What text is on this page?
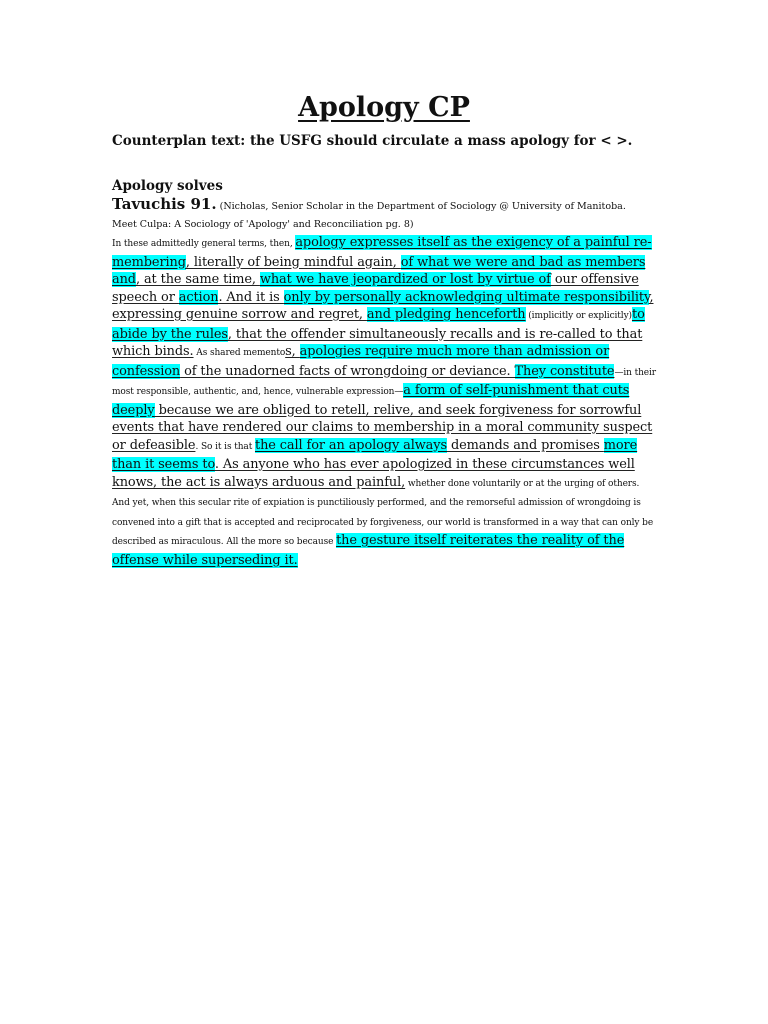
Apology CP
Counterplan text: the USFG should circulate a mass apology for < >.
Apology solves
Tavuchis 91. (Nicholas, Senior Scholar in the Department of Sociology @ University of Manitoba. Meet Culpa: A Sociology of 'Apology' and Reconciliation pg. 8)
In these admittedly general terms, then, apology expresses itself as the exigency of a painful re-membering, literally of being mindful again, of what we were and bad as members and, at the same time, what we have jeopardized or lost by virtue of our offensive speech or action. And it is only by personally acknowledging ultimate responsibility, expressing genuine sorrow and regret, and pledging henceforth (implicitly or explicitly)to abide by the rules, that the offender simultaneously recalls and is re-called to that which binds. As shared mementos, apologies require much more than admission or confession of the unadorned facts of wrongdoing or deviance. They constitute—in their most responsible, authentic, and, hence, vulnerable expression—a form of self-punishment that cuts deeply because we are obliged to retell, relive, and seek forgiveness for sorrowful events that have rendered our claims to membership in a moral community suspect or defeasible. So it is that the call for an apology always demands and promises more than it seems to. As anyone who has ever apologized in these circumstances well knows, the act is always arduous and painful, whether done voluntarily or at the urging of others. And yet, when this secular rite of expiation is punctiliously performed, and the remorseful admission of wrongdoing is convened into a gift that is accepted and reciprocated by forgiveness, our world is transformed in a way that can only be described as miraculous. All the more so because the gesture itself reiterates the reality of the offense while superseding it.
